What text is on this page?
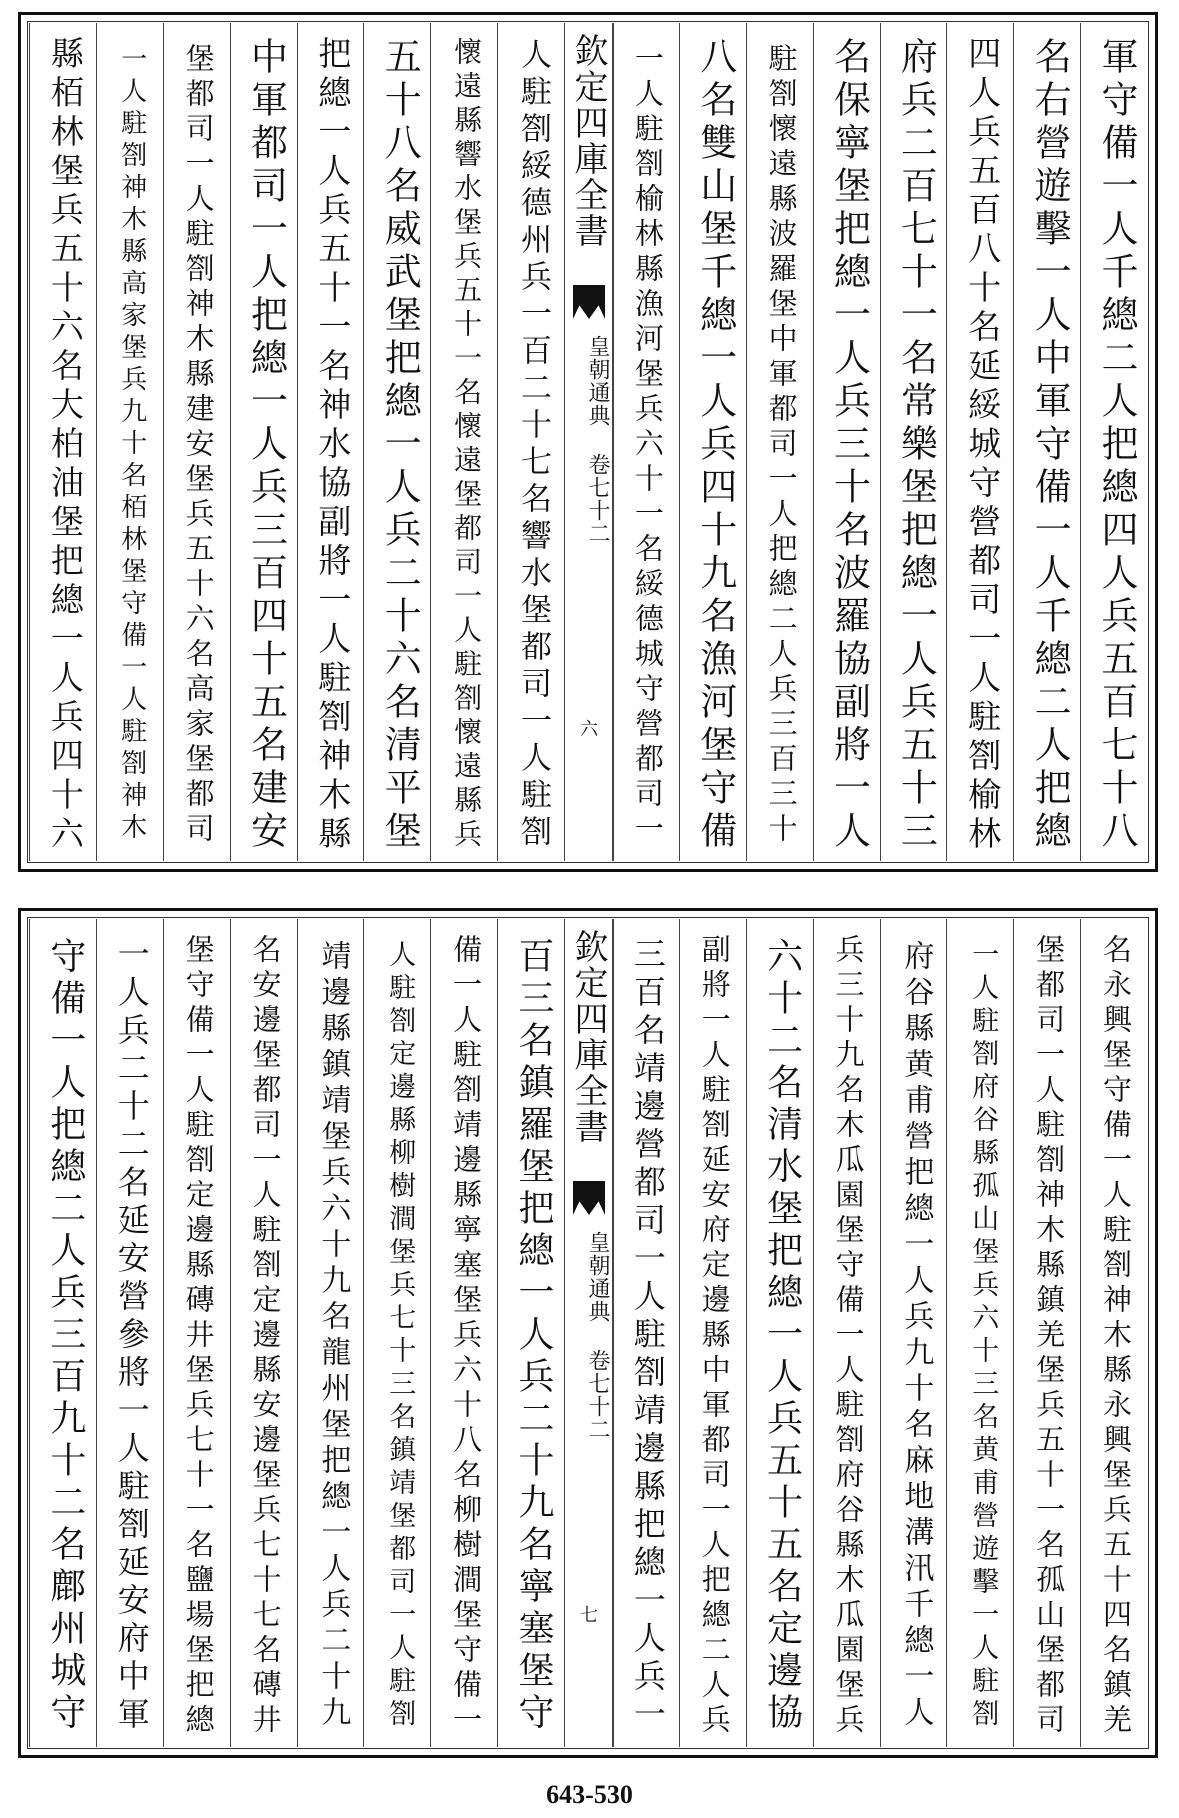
軍守備一人千總二人把總四人兵五百七十八
名右營遊擊一人中軍守備一人千總二人把總
四人兵五百八十名延綏城守營都司一人駐劄榆林
府兵二百七十一名常樂堡把總一人兵五十三
名保寧堡把總一人兵三十名波羅協副將一人
駐劄懷遠縣波羅堡中軍都司一人把總二人兵三百三十
八名雙山堡千總一人兵四十九名漁河堡守備
一人駐劄榆林縣漁河堡兵六十一名綏德城守營都司一
人駐劄綏德州兵一百二十七名響水堡都司一人駐劄
懷遠縣響水堡兵五十一名懷遠堡都司一人駐劄懷遠縣兵
五十八名威武堡把總一人兵二十六名清平堡
把總一人兵五十一名神水協副將一人駐劄神木縣
中軍都司一人把總一人兵三百四十五名建安
堡都司一人駐劄神木縣建安堡兵五十六名高家堡都司
一人駐劄神木縣高家堡兵九十名栢林堡守備一人駐劄神木
縣栢林堡兵五十六名大柏油堡把總一人兵四十六	欽定四庫全書
皇朝通典 卷七十二
六
名永興堡守備一人駐劄神木縣永興堡兵五十四名鎮羌
堡都司一人駐劄神木縣鎮羌堡兵五十一名孤山堡都司
一人駐劄府谷縣孤山堡兵六十三名黄甫營遊擊一人駐劄
府谷縣黄甫營把總一人兵九十名麻地溝汛千總一人
兵三十九名木瓜園堡守備一人駐劄府谷縣木瓜園堡兵
六十二名清水堡把總一人兵五十五名定邊協
副將一人駐劄延安府定邊縣中軍都司一人把總二人兵
三百名靖邊營都司一人駐劄靖邊縣把總一人兵一
百三名鎮羅堡把總一人兵二十九名寧塞堡守
備一人駐劄靖邊縣寧塞堡兵六十八名柳樹澗堡守備一
人駐劄定邊縣柳樹澗堡兵七十三名鎮靖堡都司一人駐劄
靖邊縣鎮靖堡兵六十九名龍州堡把總一人兵二十九
名安邊堡都司一人駐劄定邊縣安邊堡兵七十七名磚井
堡守備一人駐劄定邊縣磚井堡兵七十一名鹽場堡把總
一人兵二十二名延安營參將一人駐劄延安府中軍
守備一人把總二人兵三百九十二名鄜州城守	欽定四庫全書
皇朝通典 卷七十二
七
643-530
